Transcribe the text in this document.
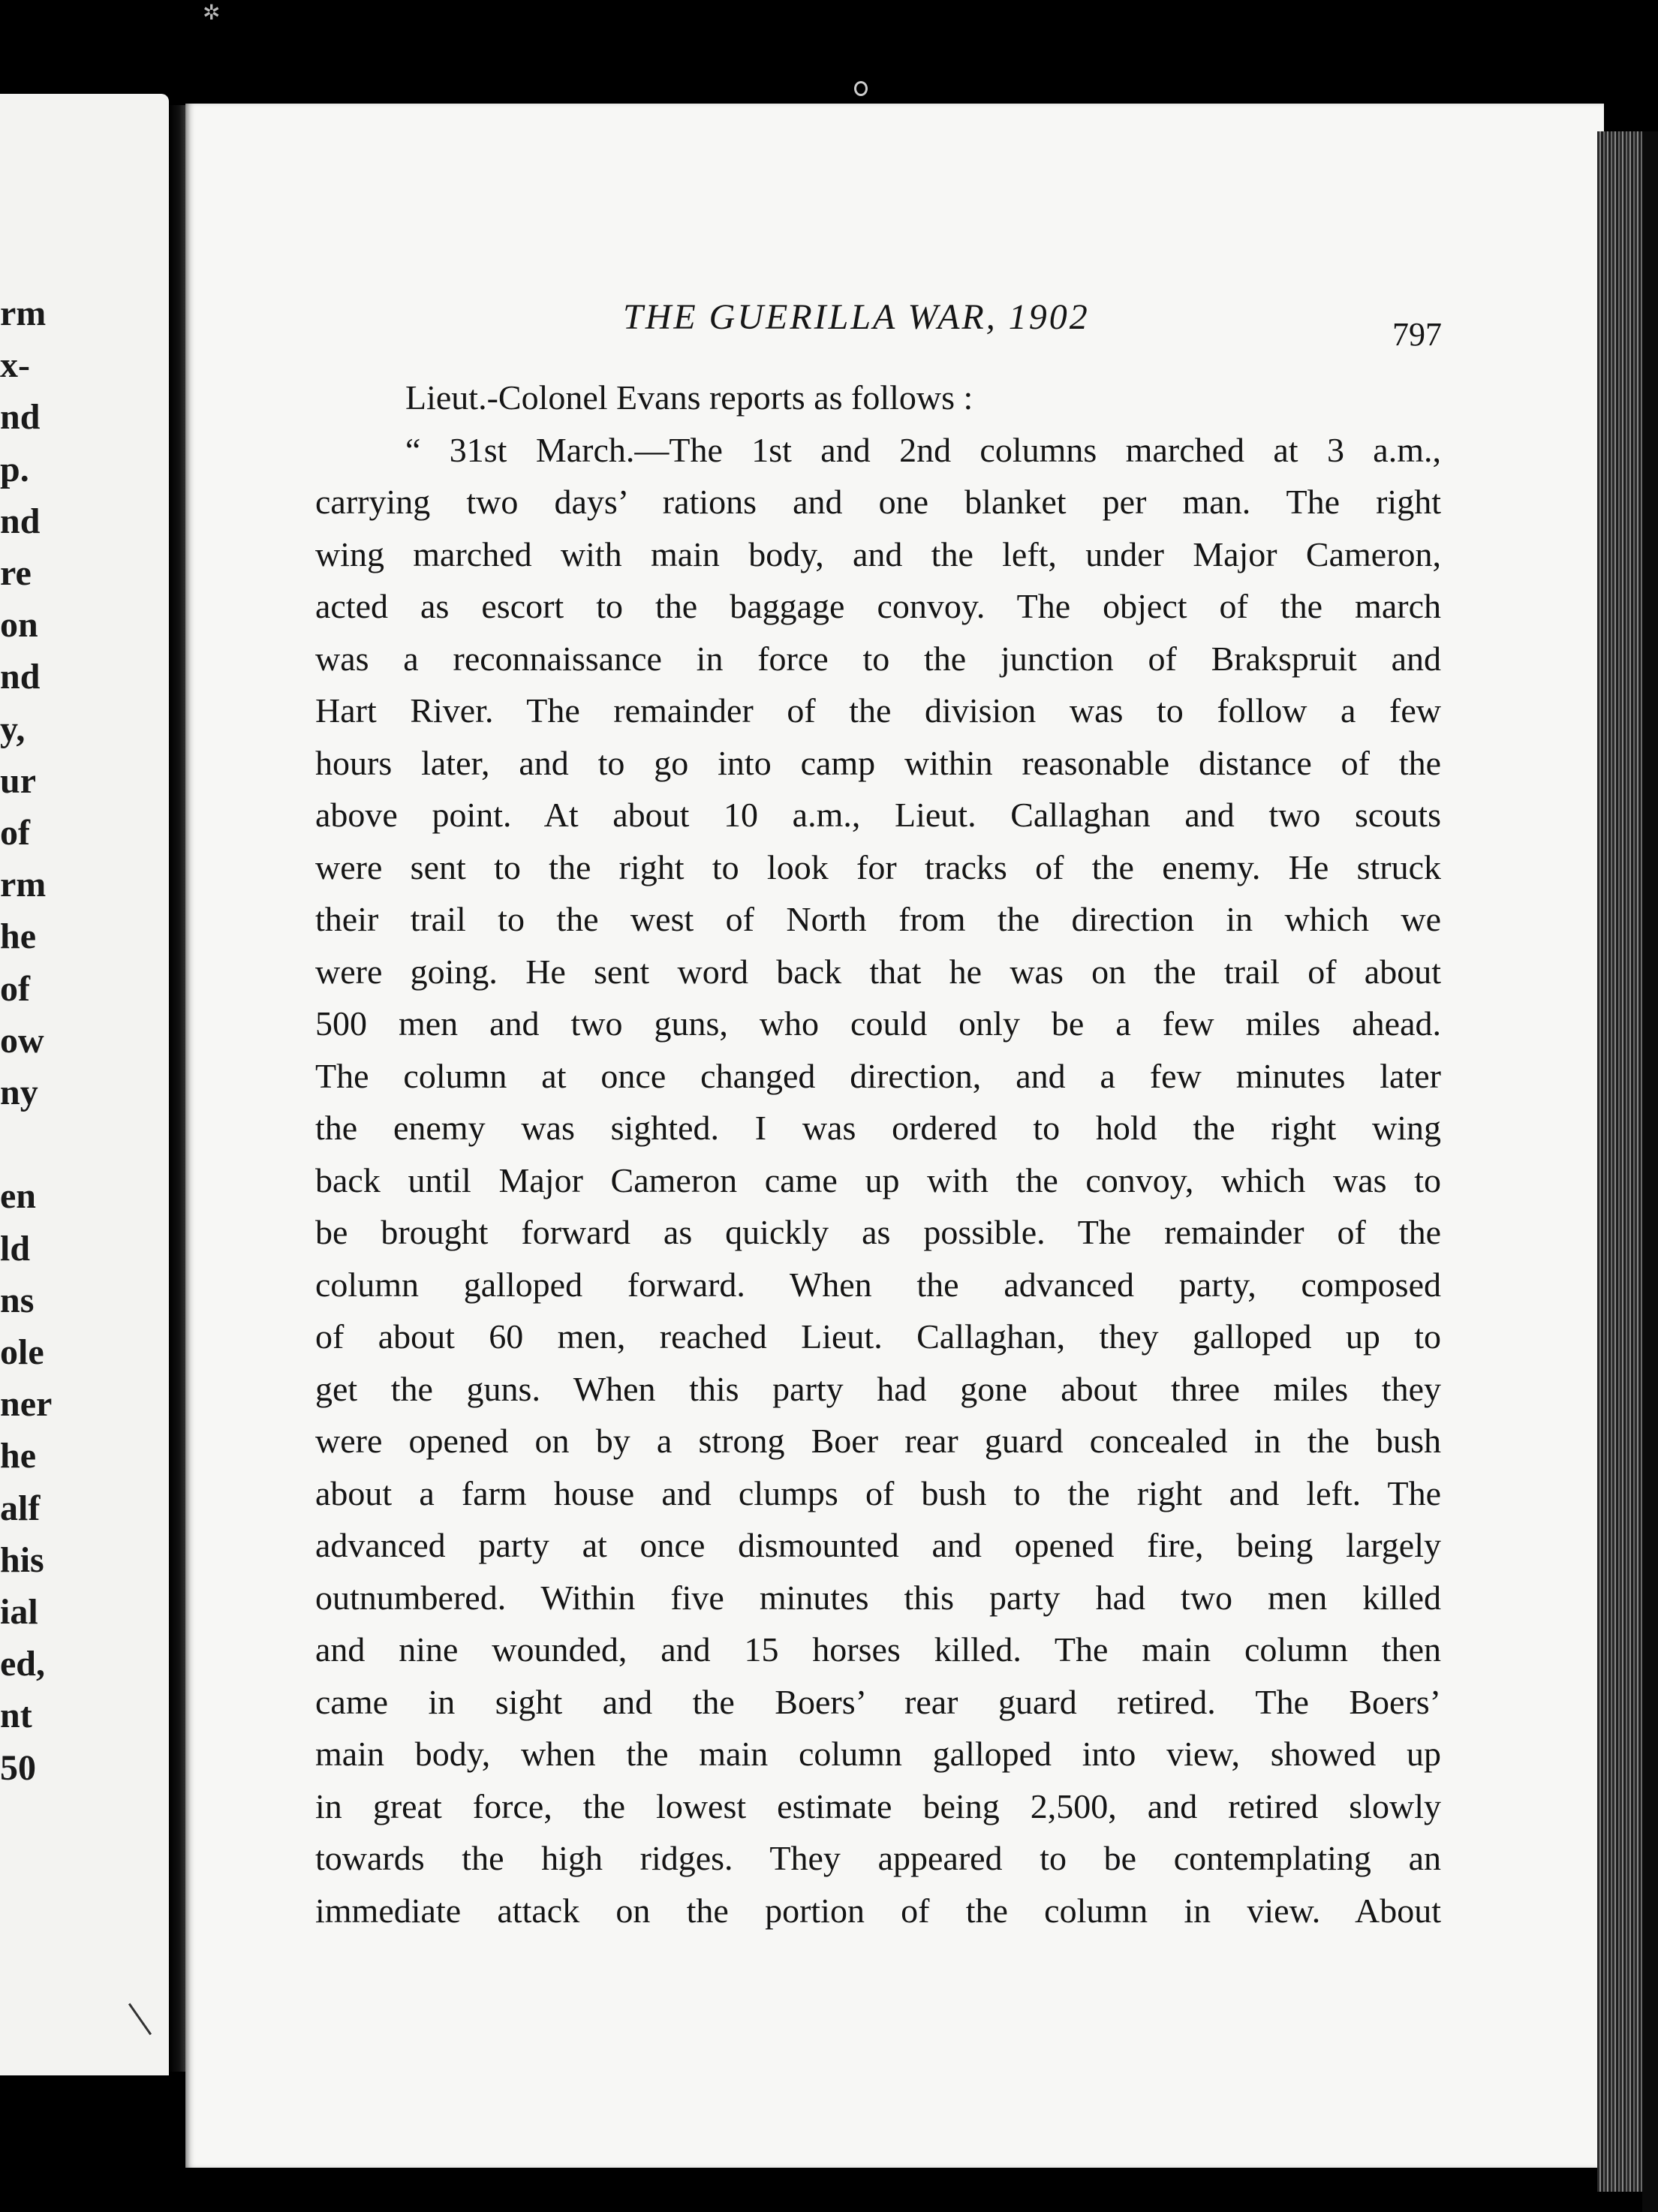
✲
rm
x-
nd
p.
nd
re
on
nd
y,
ur
of
rm
he
of
ow
ny
en
ld
ns
ole
ner
he
alf
his
ial
ed,
nt
50
THE GUERILLA WAR, 1902	797
Lieut.-Colonel Evans reports as follows :
“ 31st March.—The 1st and 2nd columns marched at 3 a.m.,
carrying two days’ rations and one blanket per man. The right
wing marched with main body, and the left, under Major Cameron,
acted as escort to the baggage convoy. The object of the march
was a reconnaissance in force to the junction of Brakspruit and
Hart River. The remainder of the division was to follow a few
hours later, and to go into camp within reasonable distance of the
above point. At about 10 a.m., Lieut. Callaghan and two scouts
were sent to the right to look for tracks of the enemy. He struck
their trail to the west of North from the direction in which we
were going. He sent word back that he was on the trail of about
500 men and two guns, who could only be a few miles ahead.
The column at once changed direction, and a few minutes later
the enemy was sighted. I was ordered to hold the right wing
back until Major Cameron came up with the convoy, which was to
be brought forward as quickly as possible. The remainder of the
column galloped forward. When the advanced party, composed
of about 60 men, reached Lieut. Callaghan, they galloped up to
get the guns. When this party had gone about three miles they
were opened on by a strong Boer rear guard concealed in the bush
about a farm house and clumps of bush to the right and left. The
advanced party at once dismounted and opened fire, being largely
outnumbered. Within five minutes this party had two men killed
and nine wounded, and 15 horses killed. The main column then
came in sight and the Boers’ rear guard retired. The Boers’
main body, when the main column galloped into view, showed up
in great force, the lowest estimate being 2,500, and retired slowly
towards the high ridges. They appeared to be contemplating an
immediate attack on the portion of the column in view. About
